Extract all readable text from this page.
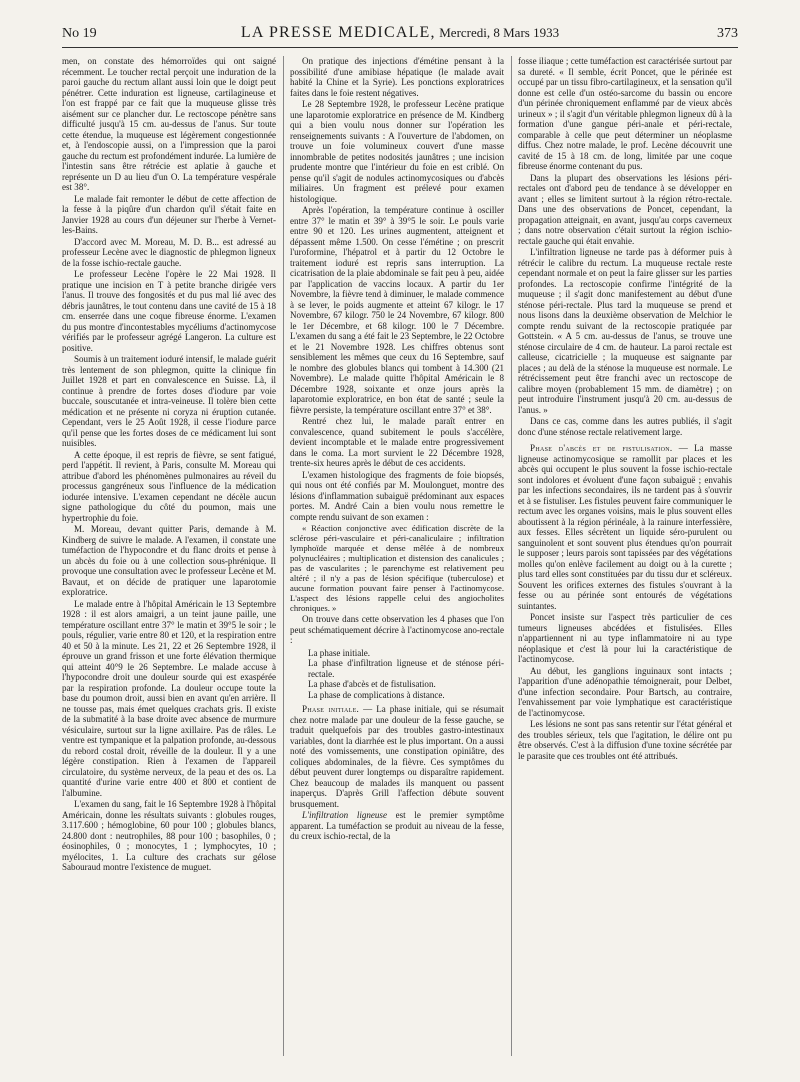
No 19	LA PRESSE MEDICALE, Mercredi, 8 Mars 1933	373

men, on constate des hémorroïdes qui ont saigné récemment. Le toucher rectal perçoit une induration de la paroi gauche du rectum allant aussi loin que le doigt peut pénétrer. Cette induration est ligneuse, cartilagineuse et l'on est frappé par ce fait que la muqueuse glisse très aisément sur ce plancher dur. Le rectoscope pénètre sans difficulté jusqu'à 15 cm. au-dessus de l'anus. Sur toute cette étendue, la muqueuse est légèrement congestionnée et, à l'endoscopie aussi, on a l'impression que la paroi gauche du rectum est profondément indurée. La lumière de l'intestin sans être rétrécie est aplatie à gauche et représente un D au lieu d'un O. La température vespérale est 38°.

Le malade fait remonter le début de cette affection de la fesse à la piqûre d'un chardon qu'il s'était faite en Janvier 1928 au cours d'un déjeuner sur l'herbe à Vernet-les-Bains.

D'accord avec M. Moreau, M. D. B... est adressé au professeur Lecène avec le diagnostic de phlegmon ligneux de la fosse ischio-rectale gauche.

Le professeur Lecène l'opère le 22 Mai 1928. Il pratique une incision en T à petite branche dirigée vers l'anus. Il trouve des fongosités et du pus mal lié avec des débris jaunâtres, le tout contenu dans une cavité de 15 à 18 cm. enserrée dans une coque fibreuse énorme. L'examen du pus montre d'incontestables mycéliums d'actinomycose vérifiés par le professeur agrégé Langeron. La culture est positive.

Soumis à un traitement ioduré intensif, le malade guérit très lentement de son phlegmon, quitte la clinique fin Juillet 1928 et part en convalescence en Suisse. Là, il continue à prendre de fortes doses d'iodure par voie buccale, souscutanée et intra-veineuse. Il tolère bien cette médication et ne présente ni coryza ni éruption cutanée. Cependant, vers le 25 Août 1928, il cesse l'iodure parce qu'il pense que les fortes doses de ce médicament lui sont nuisibles.

A cette époque, il est repris de fièvre, se sent fatigué, perd l'appétit. Il revient, à Paris, consulte M. Moreau qui attribue d'abord les phénomènes pulmonaires au réveil du processus gangréneux sous l'influence de la médication iodurée intensive. L'examen cependant ne décèle aucun signe pathologique du côté du poumon, mais une hypertrophie du foie.

M. Moreau, devant quitter Paris, demande à M. Kindberg de suivre le malade. A l'examen, il constate une tuméfaction de l'hypocondre et du flanc droits et pense à un abcès du foie ou à une collection sous-phrénique. Il provoque une consultation avec le professeur Lecène et M. Bavaut, et on décide de pratiquer une laparotomie exploratrice.

Le malade entre à l'hôpital Américain le 13 Septembre 1928 : il est alors amaigri, a un teint jaune paille, une température oscillant entre 37° le matin et 39°5 le soir ; le pouls, régulier, varie entre 80 et 120, et la respiration entre 40 et 50 à la minute. Les 21, 22 et 26 Septembre 1928, il éprouve un grand frisson et une forte élévation thermique qui atteint 40°9 le 26 Septembre. Le malade accuse à l'hypocondre droit une douleur sourde qui est exaspérée par la respiration profonde. La douleur occupe toute la base du poumon droit, aussi bien en avant qu'en arrière. Il ne tousse pas, mais émet quelques crachats gris. Il existe de la submatité à la base droite avec absence de murmure vésiculaire, surtout sur la ligne axillaire. Pas de râles. Le ventre est tympanique et la palpation profonde, au-dessous du rebord costal droit, réveille de la douleur. Il y a une légère constipation. Rien à l'examen de l'appareil circulatoire, du système nerveux, de la peau et des os. La quantité d'urine varie entre 400 et 800 et contient de l'albumine.

L'examen du sang, fait le 16 Septembre 1928 à l'hôpital Américain, donne les résultats suivants : globules rouges, 3.117.600 ; hémoglobine, 60 pour 100 ; globules blancs, 24.800 dont : neutrophiles, 88 pour 100 ; basophiles, 0 ; éosinophiles, 0 ; monocytes, 1 ; lymphocytes, 10 ; myélocites, 1. La culture des crachats sur gélose Sabouraud montre l'existence de muguet.

On pratique des injections d'émétine pensant à la possibilité d'une amibiase hépatique (le malade avait habité la Chine et la Syrie). Les ponctions exploratrices faites dans le foie restent négatives.

Le 28 Septembre 1928, le professeur Lecène pratique une laparotomie exploratrice en présence de M. Kindberg qui a bien voulu nous donner sur l'opération les renseignements suivants : A l'ouverture de l'abdomen, on trouve un foie volumineux couvert d'une masse innombrable de petites nodosités jaunâtres ; une incision prudente montre que l'intérieur du foie en est criblé. On pense qu'il s'agit de nodules actinomycosiques ou d'abcès miliaires. Un fragment est prélevé pour examen histologique.

Après l'opération, la température continue à osciller entre 37° le matin et 39° à 39°5 le soir. Le pouls varie entre 90 et 120. Les urines augmentent, atteignent et dépassent même 1.500. On cesse l'émétine ; on prescrit l'uroformine, l'hépatrol et à partir du 12 Octobre le traitement ioduré est repris sans interruption. La cicatrisation de la plaie abdominale se fait peu à peu, aidée par l'application de vaccins locaux. A partir du 1er Novembre, la fièvre tend à diminuer, le malade commence à se lever, le poids augmente et atteint 67 kilogr. le 17 Novembre, 67 kilogr. 750 le 24 Novembre, 67 kilogr. 800 le 1er Décembre, et 68 kilogr. 100 le 7 Décembre. L'examen du sang a été fait le 23 Septembre, le 22 Octobre et le 21 Novembre 1928. Les chiffres obtenus sont sensiblement les mêmes que ceux du 16 Septembre, sauf le nombre des globules blancs qui tombent à 14.300 (21 Novembre). Le malade quitte l'hôpital Américain le 8 Décembre 1928, soixante et onze jours après la laparotomie exploratrice, en bon état de santé ; seule la fièvre persiste, la température oscillant entre 37° et 38°.

Rentré chez lui, le malade paraît entrer en convalescence, quand subitement le pouls s'accélère, devient incomptable et le malade entre progressivement dans le coma. La mort survient le 22 Décembre 1928, trente-six heures après le début de ces accidents.

L'examen histologique des fragments de foie biopsés, qui nous ont été confiés par M. Moulonguet, montre des lésions d'inflammation subaiguë prédominant aux espaces portes. M. André Cain a bien voulu nous remettre le compte rendu suivant de son examen :

« Réaction conjonctive avec édification discrète de la sclérose péri-vasculaire et péri-canaliculaire ; infiltration lymphoïde marquée et dense mêlée à de nombreux polynucléaires ; multiplication et distension des canalicules ; pas de vascularites ; le parenchyme est relativement peu altéré ; il n'y a pas de lésion spécifique (tuberculose) et aucune formation pouvant faire penser à l'actinomycose. L'aspect des lésions rappelle celui des angiocholites chroniques. »

On trouve dans cette observation les 4 phases que l'on peut schématiquement décrire à l'actinomycose ano-rectale :

La phase initiale.
La phase d'infiltration ligneuse et de sténose péri-rectale.
La phase d'abcès et de fistulisation.
La phase de complications à distance.

Phase initiale. — La phase initiale, qui se résumait chez notre malade par une douleur de la fesse gauche, se traduit quelquefois par des troubles gastro-intestinaux variables, dont la diarrhée est le plus important. On a aussi noté des vomissements, une constipation opiniâtre, des coliques abdominales, de la fièvre. Ces symptômes du début peuvent durer longtemps ou disparaître rapidement. Chez beaucoup de malades ils manquent ou passent inaperçus. D'après Grill l'affection débute souvent brusquement.

L'infiltration ligneuse est le premier symptôme apparent. La tuméfaction se produit au niveau de la fesse, du creux ischio-rectal, de la

fosse iliaque ; cette tuméfaction est caractérisée surtout par sa dureté. « Il semble, écrit Poncet, que le périnée est occupé par un tissu fibro-cartilagineux, et la sensation qu'il donne est celle d'un ostéo-sarcome du bassin ou encore d'un périnée chroniquement enflammé par de vieux abcès urineux » ; il s'agit d'un véritable phlegmon ligneux dû à la formation d'une gangue péri-anale et péri-rectale, comparable à celle que peut déterminer un néoplasme diffus. Chez notre malade, le prof. Lecène découvrit une cavité de 15 à 18 cm. de long, limitée par une coque fibreuse énorme contenant du pus.

Dans la plupart des observations les lésions péri-rectales ont d'abord peu de tendance à se développer en avant ; elles se limitent surtout à la région rétro-rectale. Dans une des observations de Poncet, cependant, la propagation atteignait, en avant, jusqu'au corps caverneux ; dans notre observation c'était surtout la région ischio-rectale gauche qui était envahie.

L'infiltration ligneuse ne tarde pas à déformer puis à rétrécir le calibre du rectum. La muqueuse rectale reste cependant normale et on peut la faire glisser sur les parties profondes. La rectoscopie confirme l'intégrité de la muqueuse ; il s'agit donc manifestement au début d'une sténose péri-rectale. Plus tard la muqueuse se prend et nous lisons dans la deuxième observation de Melchior le compte rendu suivant de la rectoscopie pratiquée par Gottstein. « A 5 cm. au-dessus de l'anus, se trouve une sténose circulaire de 4 cm. de hauteur. La paroi rectale est calleuse, cicatricielle ; la muqueuse est saignante par places ; au delà de la sténose la muqueuse est normale. Le rétrécissement peut être franchi avec un rectoscope de calibre moyen (probablement 15 mm. de diamètre) ; on peut introduire l'instrument jusqu'à 20 cm. au-dessus de l'anus. »

Dans ce cas, comme dans les autres publiés, il s'agit donc d'une sténose rectale relativement large.

Phase d'abcès et de fistulisation. — La masse ligneuse actinomycosique se ramollit par places et les abcès qui occupent le plus souvent la fosse ischio-rectale sont indolores et évoluent d'une façon subaiguë ; envahis par les infections secondaires, ils ne tardent pas à s'ouvrir et à se fistuliser. Les fistules peuvent faire communiquer le rectum avec les organes voisins, mais le plus souvent elles aboutissent à la région périnéale, à la rainure interfessière, aux fesses. Elles sécrètent un liquide séro-purulent ou sanguinolent et sont souvent plus étendues qu'on pourrait le supposer ; leurs parois sont tapissées par des végétations molles qu'on enlève facilement au doigt ou à la curette ; plus tard elles sont constituées par du tissu dur et scléreux. Souvent les orifices externes des fistules s'ouvrant à la fesse ou au périnée sont entourés de végétations suintantes.

Poncet insiste sur l'aspect très particulier de ces tumeurs ligneuses abcédées et fistulisées. Elles n'appartiennent ni au type inflammatoire ni au type néoplasique et c'est là pour lui la caractéristique de l'actinomycose.

Au début, les ganglions inguinaux sont intacts ; l'apparition d'une adénopathie témoignerait, pour Delbet, d'une infection secondaire. Pour Bartsch, au contraire, l'envahissement par voie lymphatique est caractéristique de l'actinomycose.

Les lésions ne sont pas sans retentir sur l'état général et des troubles sérieux, tels que l'agitation, le délire ont pu être observés. C'est à la diffusion d'une toxine sécrétée par le parasite que ces troubles ont été attribués.
